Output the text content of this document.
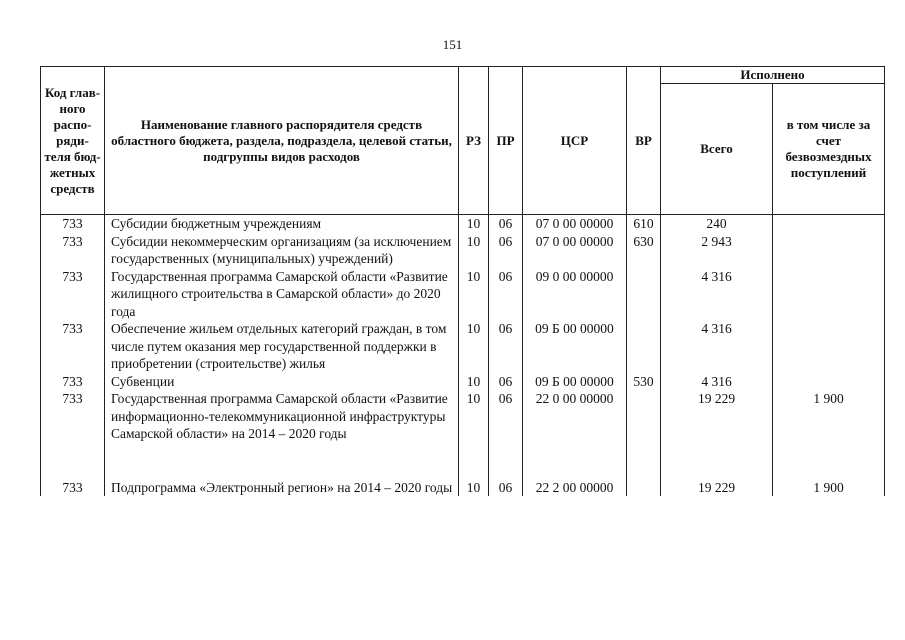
151
Код глав-ного распо-ряди-теля бюд-жетных средств	Наименование главного распорядителя средств областного бюджета, раздела, подраздела, целевой статьи, подгруппы видов расходов	РЗ	ПР	ЦСР	ВР	Исполнено	
						Всего	в том числе за счет безвозмездных поступлений
733	Субсидии бюджетным учреждениям	10	06	07 0 00 00000	610	240	
733	Субсидии некоммерческим организациям (за исключением государственных (муниципальных) учреждений)	10	06	07 0 00 00000	630	2 943	
733	Государственная программа Самарской области «Развитие жилищного строительства в Самарской области» до 2020 года	10	06	09 0 00 00000		4 316	
733	Обеспечение жильем отдельных категорий граждан, в том числе путем оказания мер государственной поддержки в приобретении (строительстве) жилья	10	06	09 Б 00 00000		4 316	
733	Субвенции	10	06	09 Б 00 00000	530	4 316	
733	Государственная программа Самарской области «Развитие информационно-телекоммуникационной инфраструктуры Самарской области» на 2014 – 2020 годы	10	06	22 0 00 00000		19 229	1 900

733	Подпрограмма «Электронный регион» на 2014 – 2020 годы	10	06	22 2 00 00000		19 229	1 900
